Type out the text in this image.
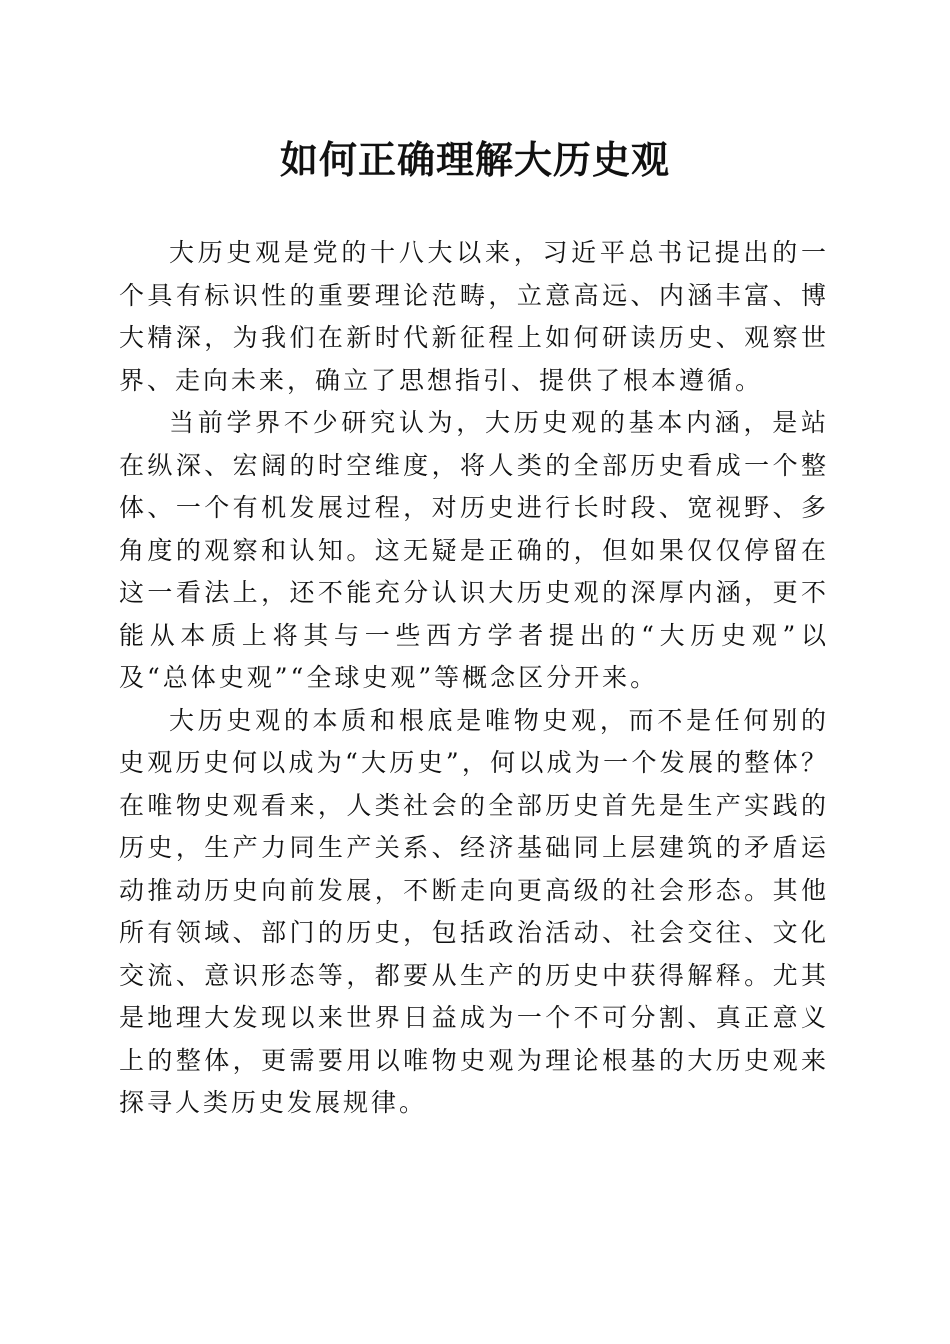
如何正确理解大历史观

大历史观是党的十八大以来，习近平总书记提出的一个具有标识性的重要理论范畴，立意高远、内涵丰富、博大精深，为我们在新时代新征程上如何研读历史、观察世界、走向未来，确立了思想指引、提供了根本遵循。

当前学界不少研究认为，大历史观的基本内涵，是站在纵深、宏阔的时空维度，将人类的全部历史看成一个整体、一个有机发展过程，对历史进行长时段、宽视野、多角度的观察和认知。这无疑是正确的，但如果仅仅停留在这一看法上，还不能充分认识大历史观的深厚内涵，更不能从本质上将其与一些西方学者提出的“大历史观”以及“总体史观”“全球史观”等概念区分开来。

大历史观的本质和根底是唯物史观，而不是任何别的史观历史何以成为“大历史”，何以成为一个发展的整体？在唯物史观看来，人类社会的全部历史首先是生产实践的历史，生产力同生产关系、经济基础同上层建筑的矛盾运动推动历史向前发展，不断走向更高级的社会形态。其他所有领域、部门的历史，包括政治活动、社会交往、文化交流、意识形态等，都要从生产的历史中获得解释。尤其是地理大发现以来世界日益成为一个不可分割、真正意义上的整体，更需要用以唯物史观为理论根基的大历史观来探寻人类历史发展规律。
